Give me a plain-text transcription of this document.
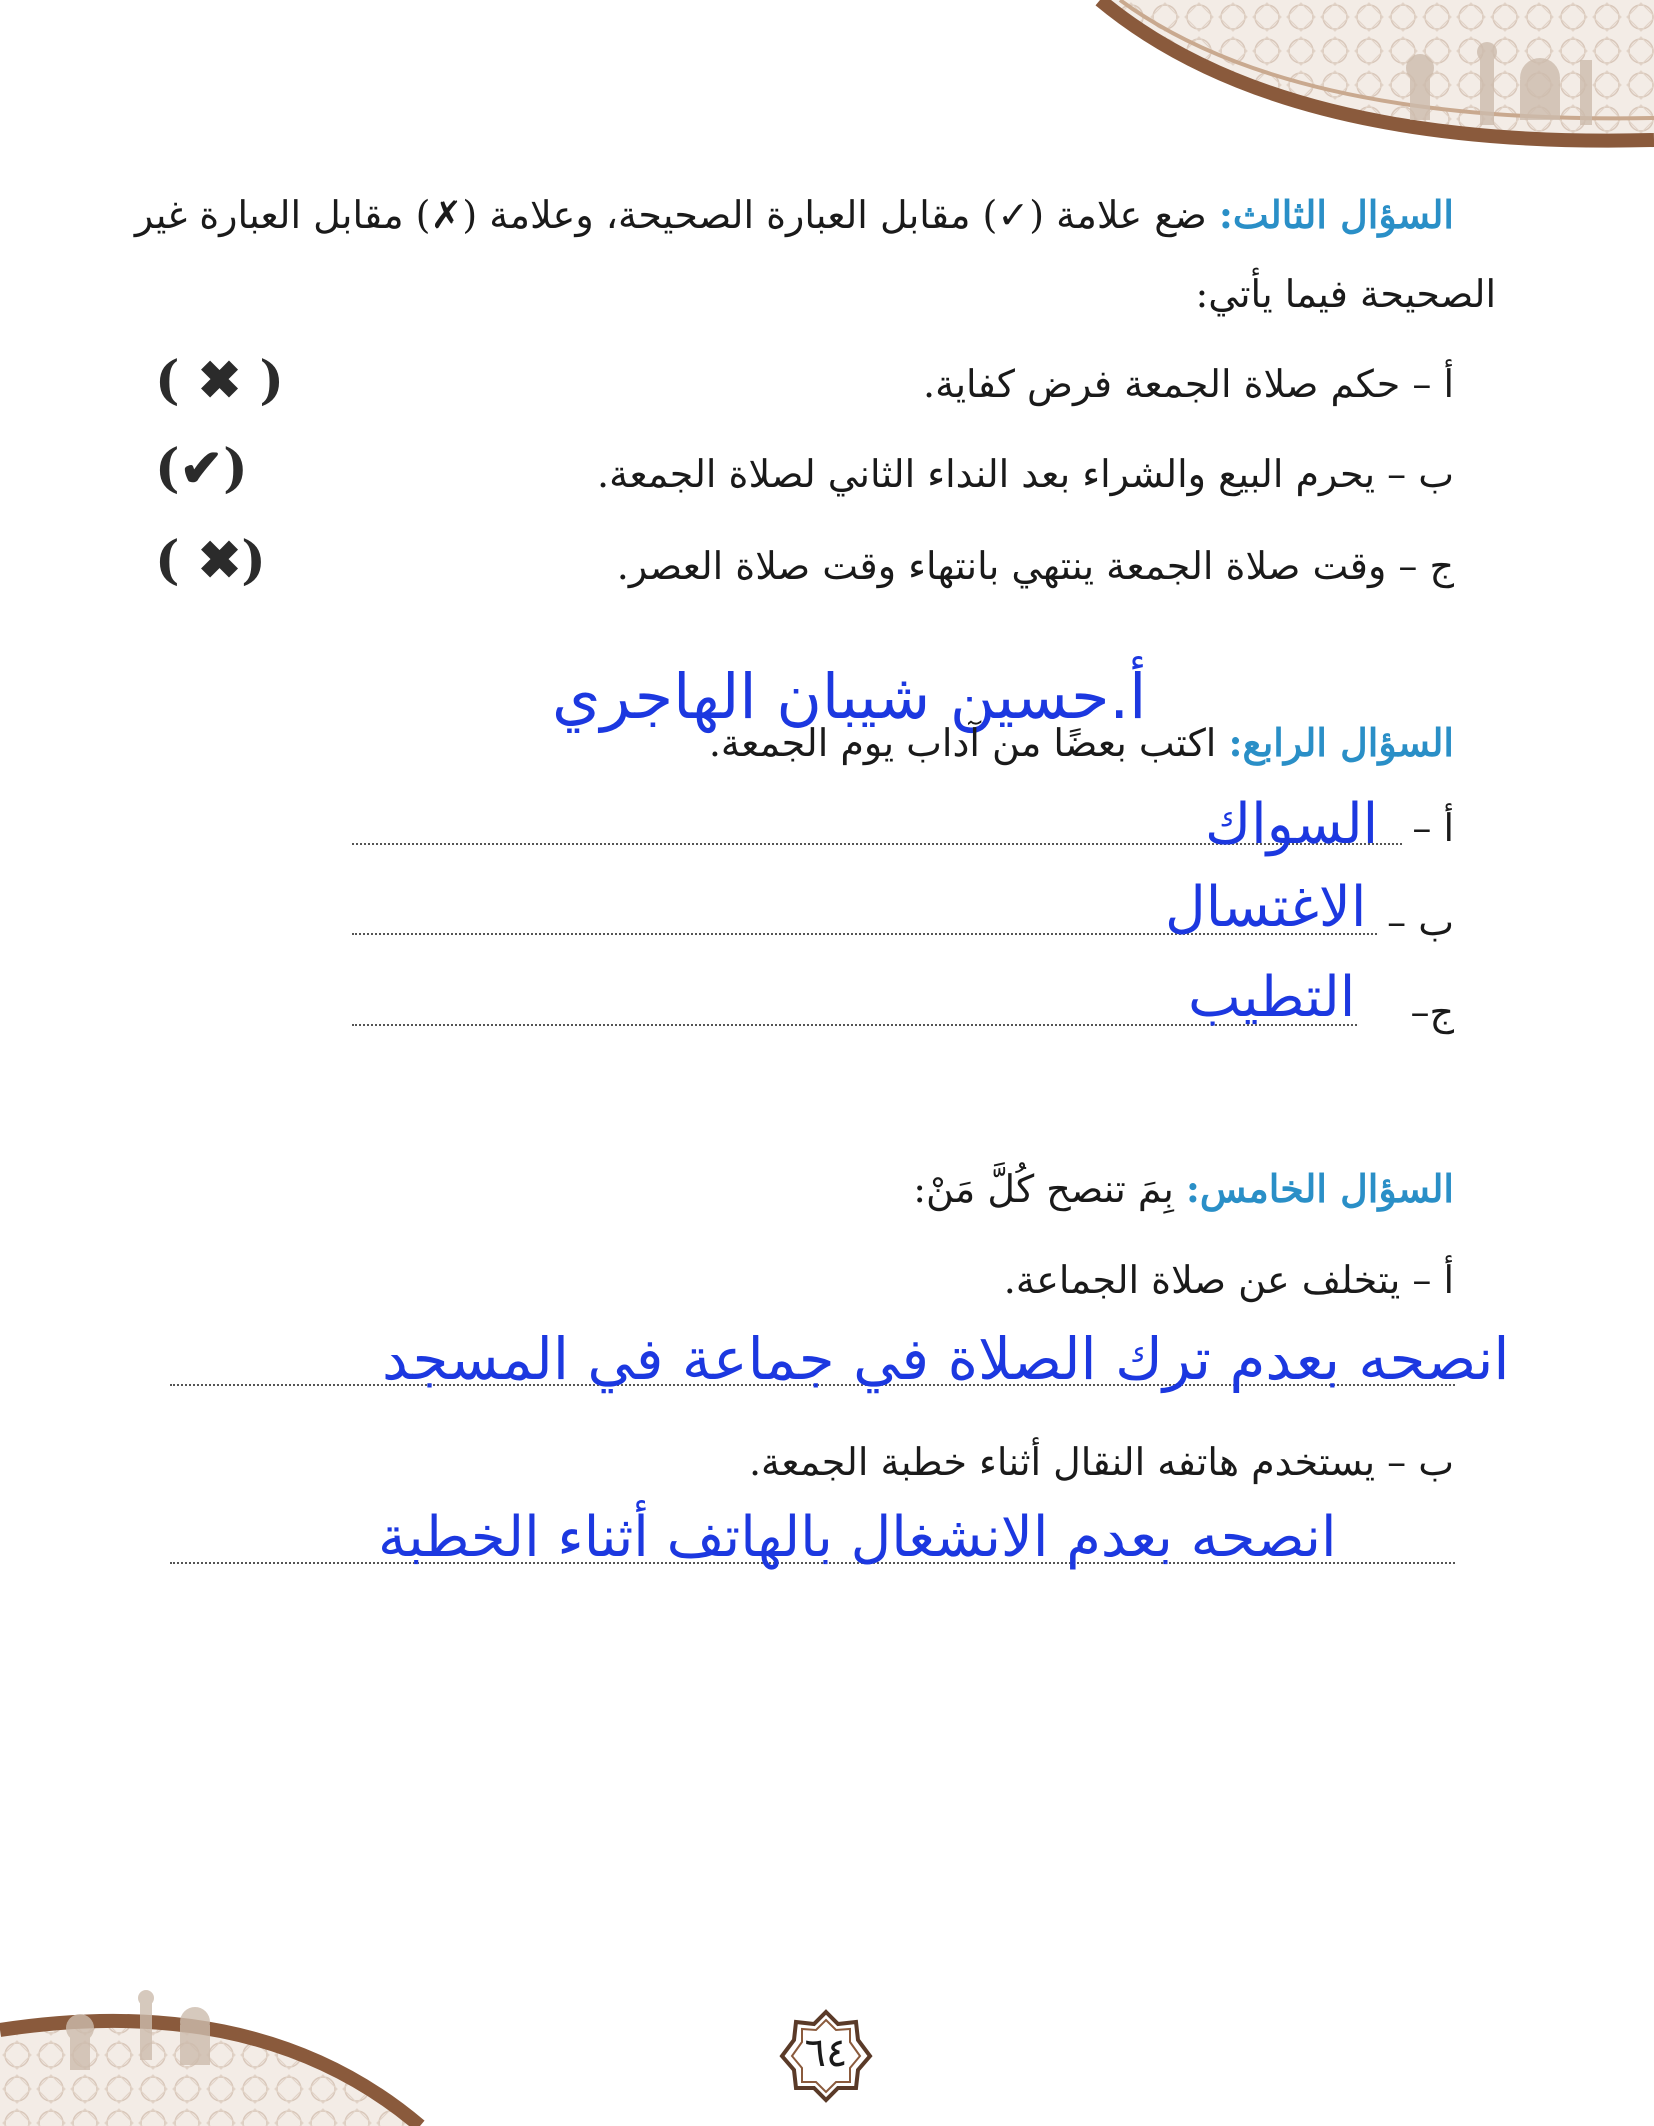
السؤال الثالث: ضع علامة (✓) مقابل العبارة الصحيحة، وعلامة (✗) مقابل العبارة غير
الصحيحة فيما يأتي:
أ – حكم صلاة الجمعة فرض كفاية.
( ✖ )
ب – يحرم البيع والشراء بعد النداء الثاني لصلاة الجمعة.
(✔)
ج – وقت صلاة الجمعة ينتهي بانتهاء وقت صلاة العصر.
( ✖)
أ.حسين شيبان الهاجري
السؤال الرابع: اكتب بعضًا من آداب يوم الجمعة.
أ –
السواك
ب –
الاغتسال
ج–
التطيب
السؤال الخامس: بِمَ تنصح كُلَّ مَنْ:
أ – يتخلف عن صلاة الجماعة.
انصحه بعدم ترك الصلاة في جماعة في المسجد
ب – يستخدم هاتفه النقال أثناء خطبة الجمعة.
انصحه بعدم الانشغال بالهاتف أثناء الخطبة
٦٤
